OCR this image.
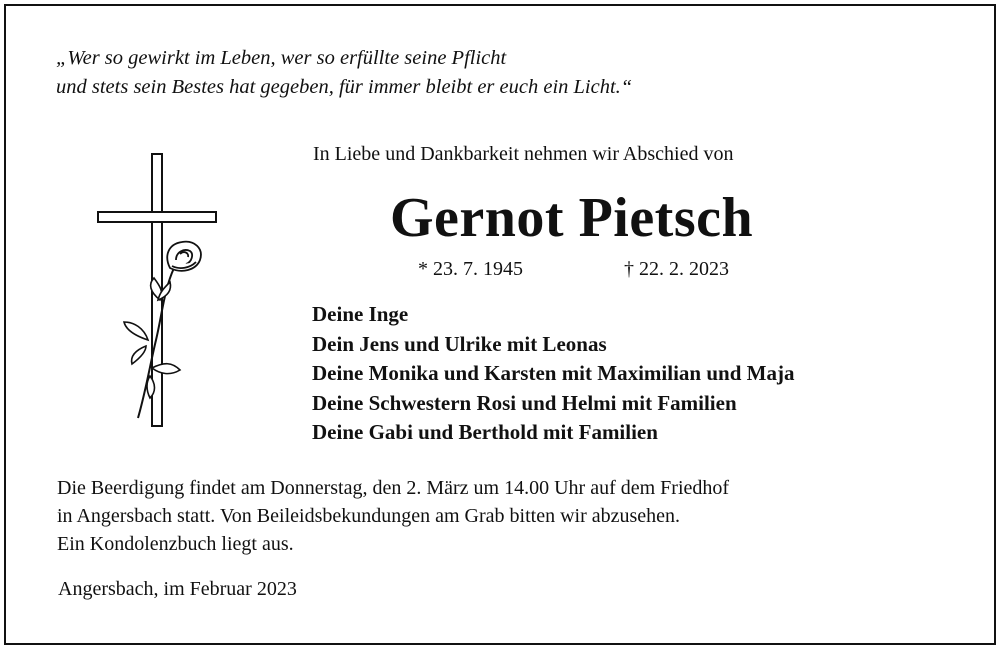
„Wer so gewirkt im Leben, wer so erfüllte seine Pflicht
und stets sein Bestes hat gegeben, für immer bleibt er euch ein Licht.“
In Liebe und Dankbarkeit nehmen wir Abschied von
Gernot Pietsch
* 23. 7. 1945	† 22. 2. 2023
Deine Inge
Dein Jens und Ulrike mit Leonas
Deine Monika und Karsten mit Maximilian und Maja
Deine Schwestern Rosi und Helmi mit Familien
Deine Gabi und Berthold mit Familien
Die Beerdigung findet am Donnerstag, den 2. März um 14.00 Uhr auf dem Friedhof
in Angersbach statt. Von Beileidsbekundungen am Grab bitten wir abzusehen.
Ein Kondolenzbuch liegt aus.
Angersbach, im Februar 2023
